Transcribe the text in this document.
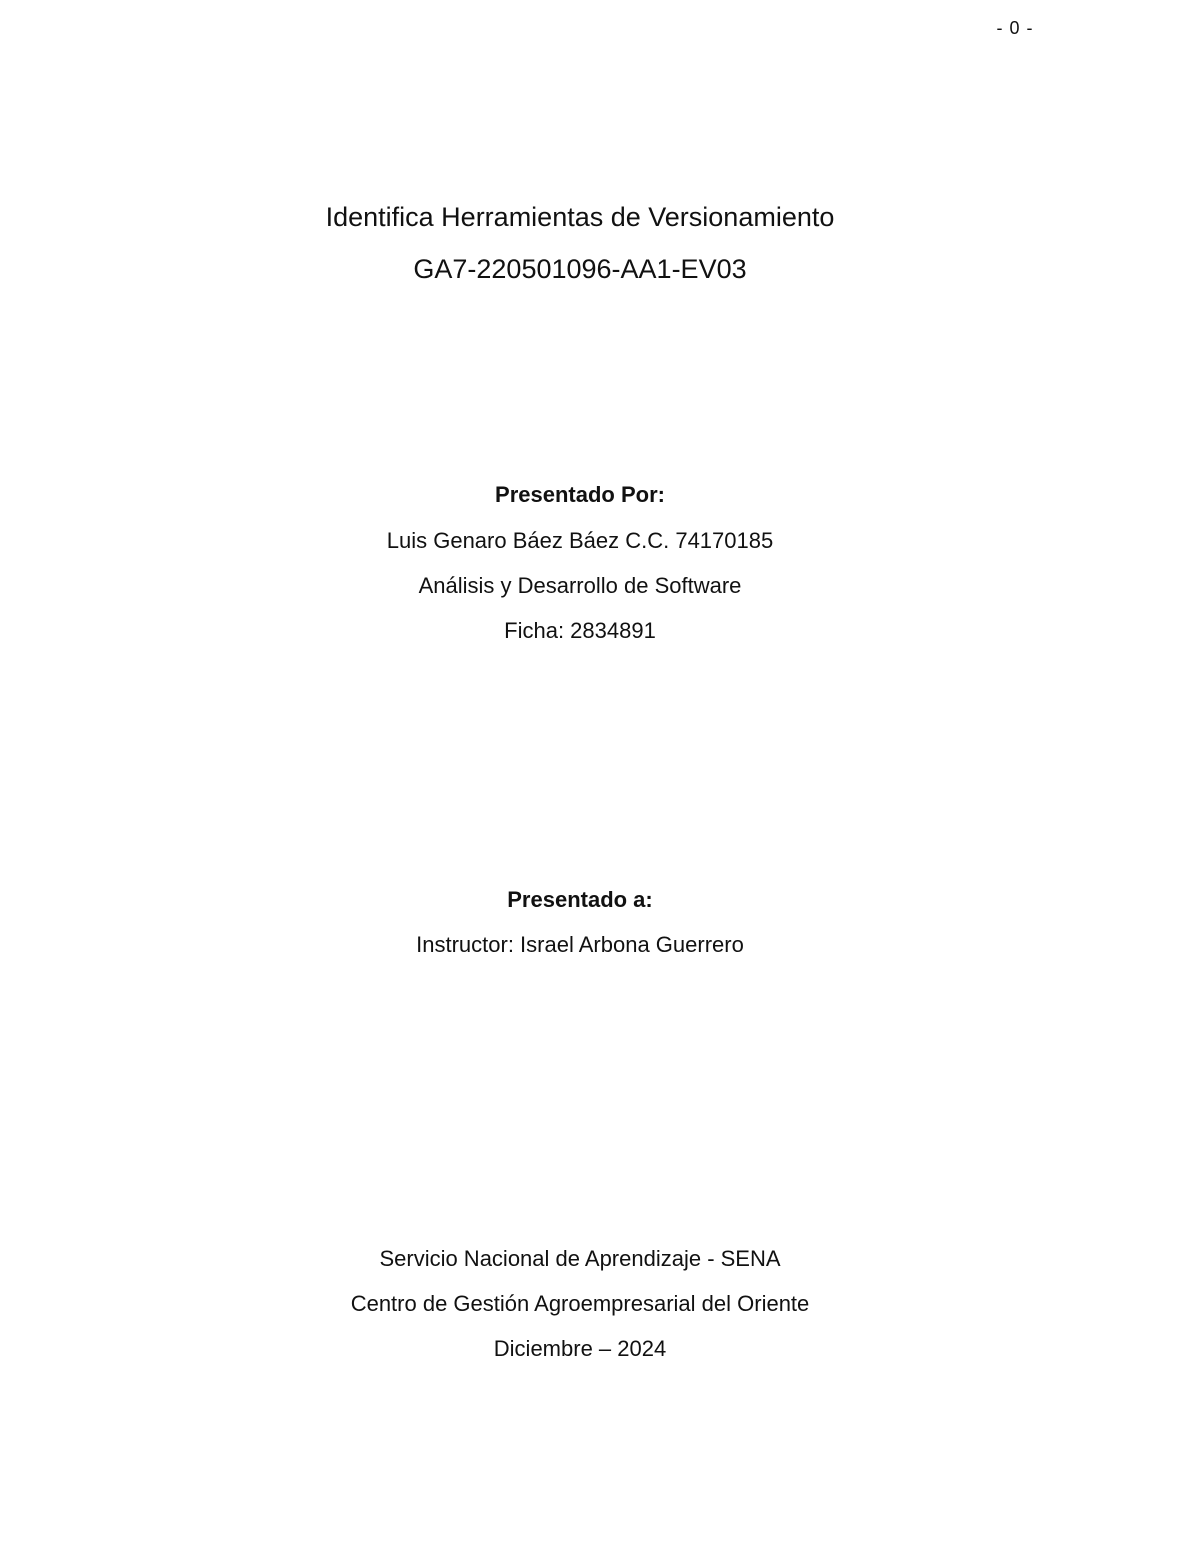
- 0 -
Identifica Herramientas de Versionamiento
GA7-220501096-AA1-EV03
Presentado Por:
Luis Genaro Báez Báez C.C. 74170185
Análisis y Desarrollo de Software
Ficha: 2834891
Presentado a:
Instructor: Israel Arbona Guerrero
Servicio Nacional de Aprendizaje - SENA
Centro de Gestión Agroempresarial del Oriente
Diciembre – 2024
